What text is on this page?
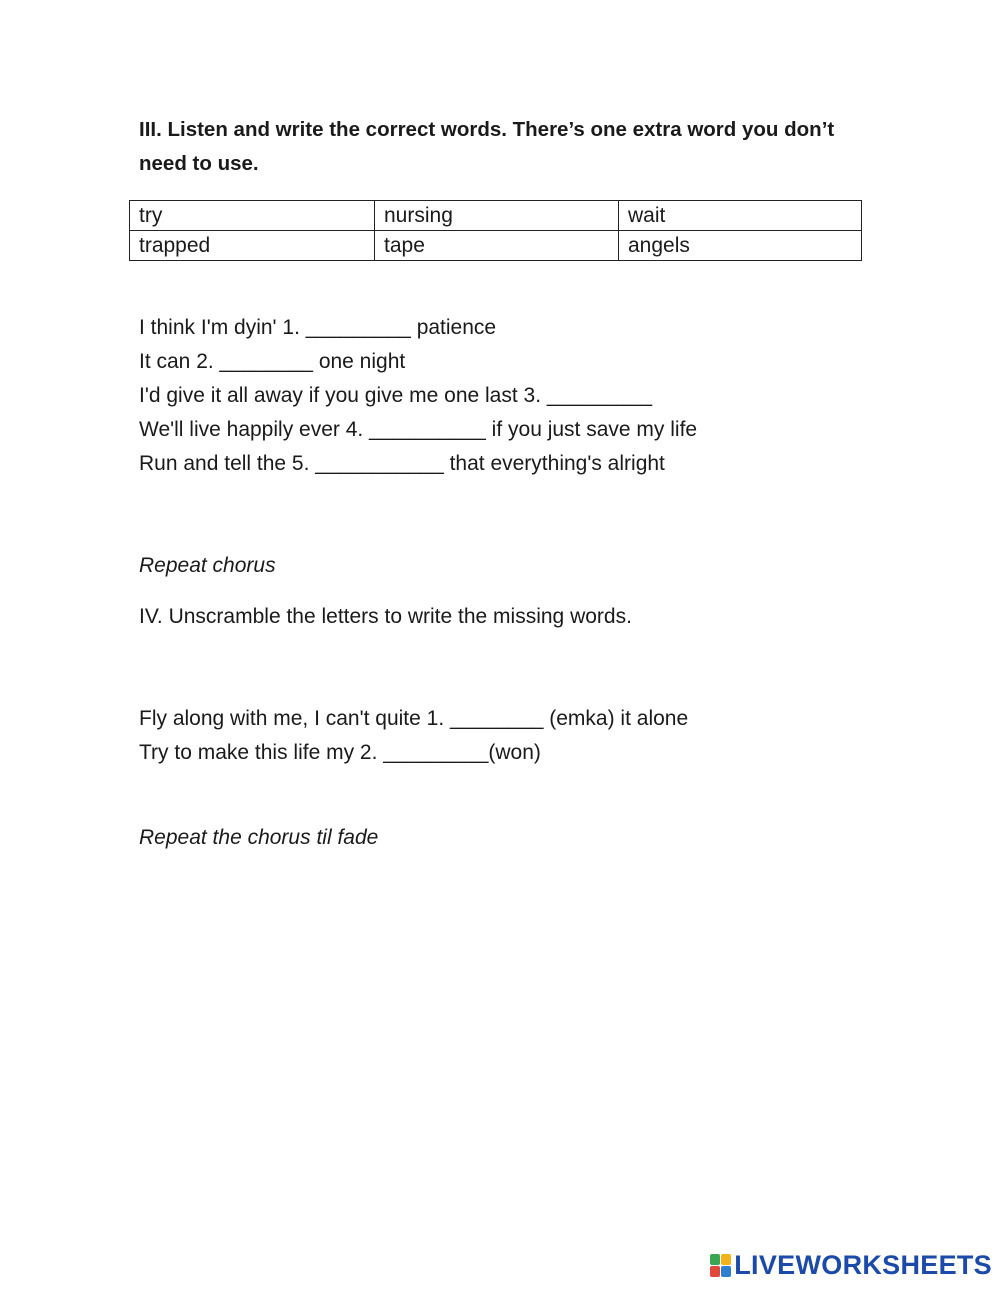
III. Listen and write the correct words. There’s one extra word you don’t need to use.
try	nursing	wait
trapped	tape	angels
I think I'm dyin' 1. _________ patience
It can 2. ________ one night
I'd give it all away if you give me one last 3. _________
We'll live happily ever 4. __________ if you just save my life
Run and tell the 5. ___________ that everything's alright
Repeat chorus
IV. Unscramble the letters to write the missing words.
Fly along with me, I can't quite 1. ________ (emka) it alone
Try to make this life my 2. _________(won)
Repeat the chorus til fade
LIVEWORKSHEETS
